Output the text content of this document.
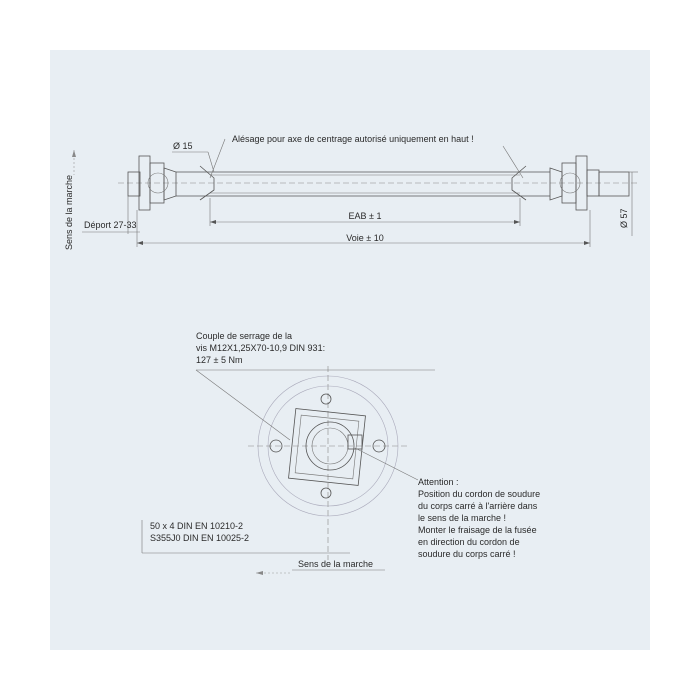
Ø 15
Alésage pour axe de centrage autorisé uniquement en haut !
Ø 57
Sens de la marche Déport 27-33
EAB ± 1
Voie ± 10
Couple de serrage de la
vis M12X1,25X70-10,9 DIN 931:
127 ± 5 Nm
Attention :
Position du cordon de soudure
du corps carré à l'arrière dans
le sens de la marche !
Monter le fraisage de la fusée
en direction du cordon de
soudure du corps carré !
50 x 4 DIN EN 10210-2
S355J0 DIN EN 10025-2
Sens de la marche
